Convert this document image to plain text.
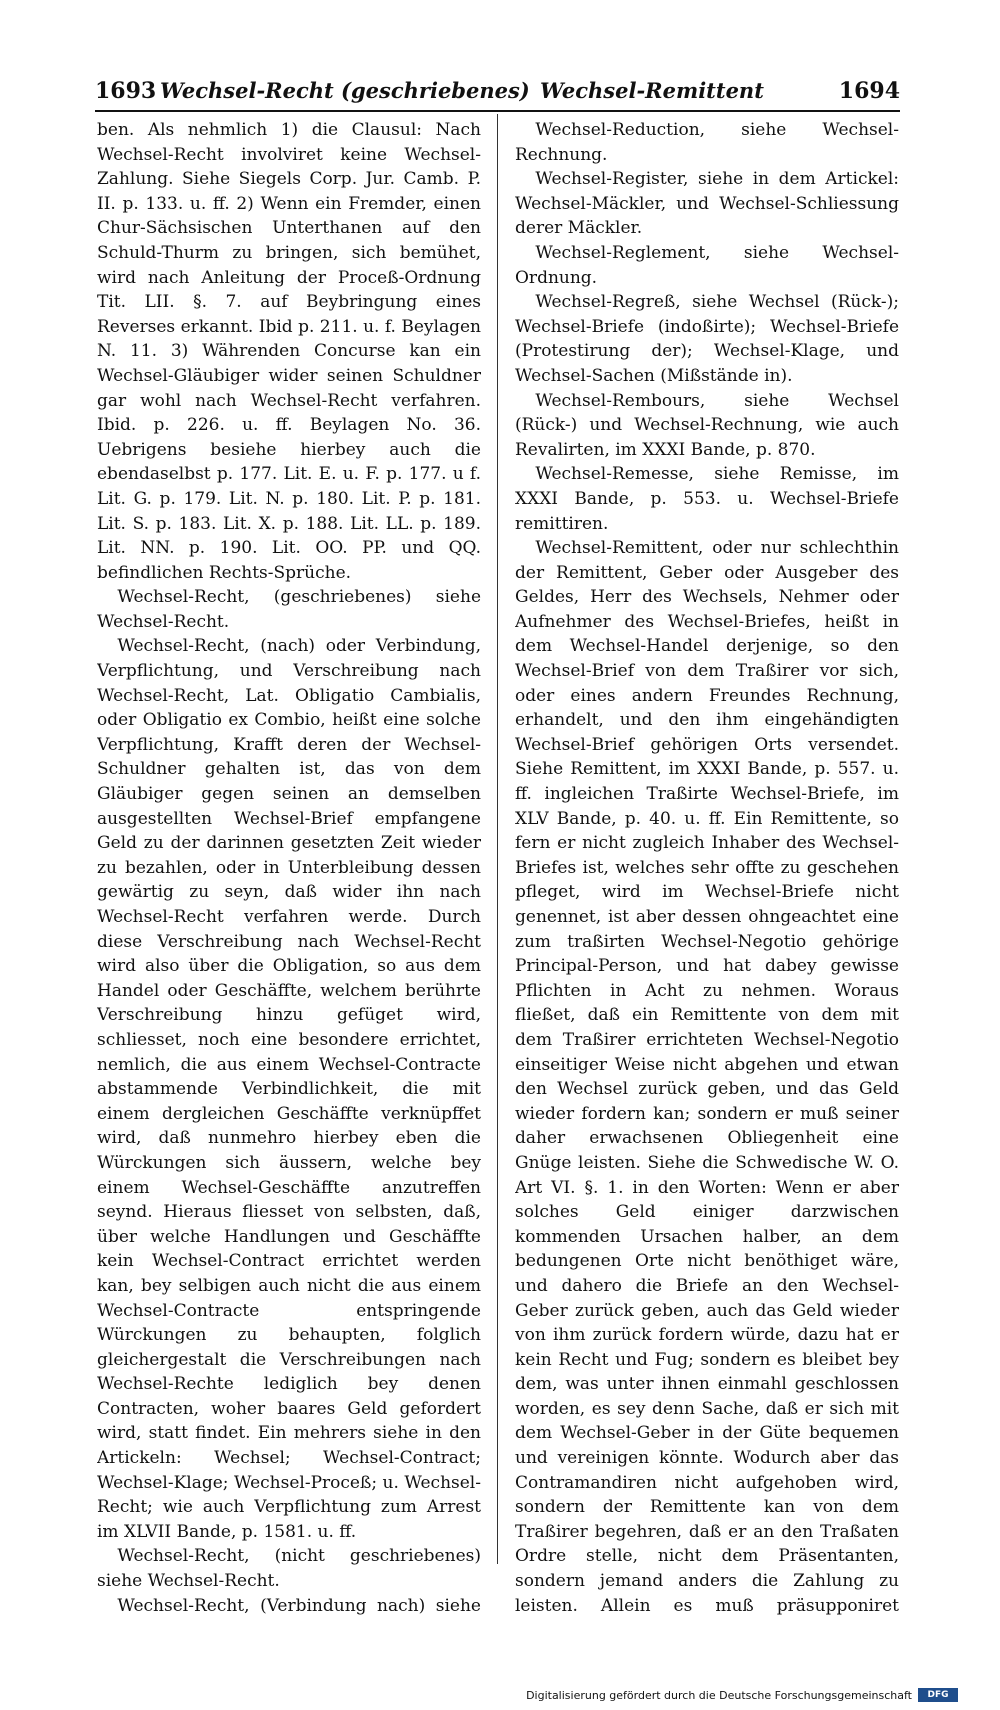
1693 Wechsel-Recht (geschriebenes) Wechsel-Remittent	1694

ben. Als nehmlich 1) die Clausul: Nach Wechsel-Recht involviret keine Wechsel-Zahlung. Siehe Siegels Corp. Jur. Camb. P. II. p. 133. u. ff. 2) Wenn ein Fremder, einen Chur-Sächsischen Unterthanen auf den Schuld-Thurm zu bringen, sich bemühet, wird nach Anleitung der Proceß-Ordnung Tit. LII. §. 7. auf Beybringung eines Reverses erkannt. Ibid p. 211. u. f. Beylagen N. 11. 3) Währenden Concurse kan ein Wechsel-Gläubiger wider seinen Schuldner gar wohl nach Wechsel-Recht verfahren. Ibid. p. 226. u. ff. Beylagen No. 36. Uebrigens besiehe hierbey auch die ebendaselbst p. 177. Lit. E. u. F. p. 177. u f. Lit. G. p. 179. Lit. N. p. 180. Lit. P. p. 181. Lit. S. p. 183. Lit. X. p. 188. Lit. LL. p. 189. Lit. NN. p. 190. Lit. OO. PP. und QQ. befindlichen Rechts-Sprüche.

Wechsel-Recht, (geschriebenes) siehe Wechsel-Recht.

Wechsel-Recht, (nach) oder Verbindung, Verpflichtung, und Verschreibung nach Wechsel-Recht, Lat. Obligatio Cambialis, oder Obligatio ex Combio, heißt eine solche Verpflichtung, Krafft deren der Wechsel-Schuldner gehalten ist, das von dem Gläubiger gegen seinen an demselben ausgestellten Wechsel-Brief empfangene Geld zu der darinnen gesetzten Zeit wieder zu bezahlen, oder in Unterbleibung dessen gewärtig zu seyn, daß wider ihn nach Wechsel-Recht verfahren werde. Durch diese Verschreibung nach Wechsel-Recht wird also über die Obligation, so aus dem Handel oder Geschäffte, welchem berührte Verschreibung hinzu gefüget wird, schliesset, noch eine besondere errichtet, nemlich, die aus einem Wechsel-Contracte abstammende Verbindlichkeit, die mit einem dergleichen Geschäffte verknüpffet wird, daß nunmehro hierbey eben die Würckungen sich äussern, welche bey einem Wechsel-Geschäffte anzutreffen seynd. Hieraus fliesset von selbsten, daß, über welche Handlungen und Geschäffte kein Wechsel-Contract errichtet werden kan, bey selbigen auch nicht die aus einem Wechsel-Contracte entspringende Würckungen zu behaupten, folglich gleichergestalt die Verschreibungen nach Wechsel-Rechte lediglich bey denen Contracten, woher baares Geld gefordert wird, statt findet. Ein mehrers siehe in den Artickeln: Wechsel; Wechsel-Contract; Wechsel-Klage; Wechsel-Proceß; u. Wechsel-Recht; wie auch Verpflichtung zum Arrest im XLVII Bande, p. 1581. u. ff.

Wechsel-Recht, (nicht geschriebenes) siehe Wechsel-Recht.

Wechsel-Recht, (Verbindung nach) siehe

Wechsel-Reduction, siehe Wechsel-Rechnung.

Wechsel-Register, siehe in dem Artickel: Wechsel-Mäckler, und Wechsel-Schliessung derer Mäckler.

Wechsel-Reglement, siehe Wechsel-Ordnung.

Wechsel-Regreß, siehe Wechsel (Rück-); Wechsel-Briefe (indoßirte); Wechsel-Briefe (Protestirung der); Wechsel-Klage, und Wechsel-Sachen (Mißstände in).

Wechsel-Rembours, siehe Wechsel (Rück-) und Wechsel-Rechnung, wie auch Revalirten, im XXXI Bande, p. 870.

Wechsel-Remesse, siehe Remisse, im XXXI Bande, p. 553. u. Wechsel-Briefe remittiren.

Wechsel-Remittent, oder nur schlechthin der Remittent, Geber oder Ausgeber des Geldes, Herr des Wechsels, Nehmer oder Aufnehmer des Wechsel-Briefes, heißt in dem Wechsel-Handel derjenige, so den Wechsel-Brief von dem Traßirer vor sich, oder eines andern Freundes Rechnung, erhandelt, und den ihm eingehändigten Wechsel-Brief gehörigen Orts versendet. Siehe Remittent, im XXXI Bande, p. 557. u. ff. ingleichen Traßirte Wechsel-Briefe, im XLV Bande, p. 40. u. ff. Ein Remittente, so fern er nicht zugleich Inhaber des Wechsel-Briefes ist, welches sehr offte zu geschehen pfleget, wird im Wechsel-Briefe nicht genennet, ist aber dessen ohngeachtet eine zum traßirten Wechsel-Negotio gehörige Principal-Person, und hat dabey gewisse Pflichten in Acht zu nehmen. Woraus fließet, daß ein Remittente von dem mit dem Traßirer errichteten Wechsel-Negotio einseitiger Weise nicht abgehen und etwan den Wechsel zurück geben, und das Geld wieder fordern kan; sondern er muß seiner daher erwachsenen Obliegenheit eine Gnüge leisten. Siehe die Schwedische W. O. Art VI. §. 1. in den Worten: Wenn er aber solches Geld einiger darzwischen kommenden Ursachen halber, an dem bedungenen Orte nicht benöthiget wäre, und dahero die Briefe an den Wechsel-Geber zurück geben, auch das Geld wieder von ihm zurück fordern würde, dazu hat er kein Recht und Fug; sondern es bleibet bey dem, was unter ihnen einmahl geschlossen worden, es sey denn Sache, daß er sich mit dem Wechsel-Geber in der Güte bequemen und vereinigen könnte. Wodurch aber das Contramandiren nicht aufgehoben wird, sondern der Remittente kan von dem Traßirer begehren, daß er an den Traßaten Ordre stelle, nicht dem Präsentanten, sondern jemand anders die Zahlung zu leisten. Allein es muß präsupponiret

Digitalisierung gefördert durch die Deutsche Forschungsgemeinschaft	DFG
